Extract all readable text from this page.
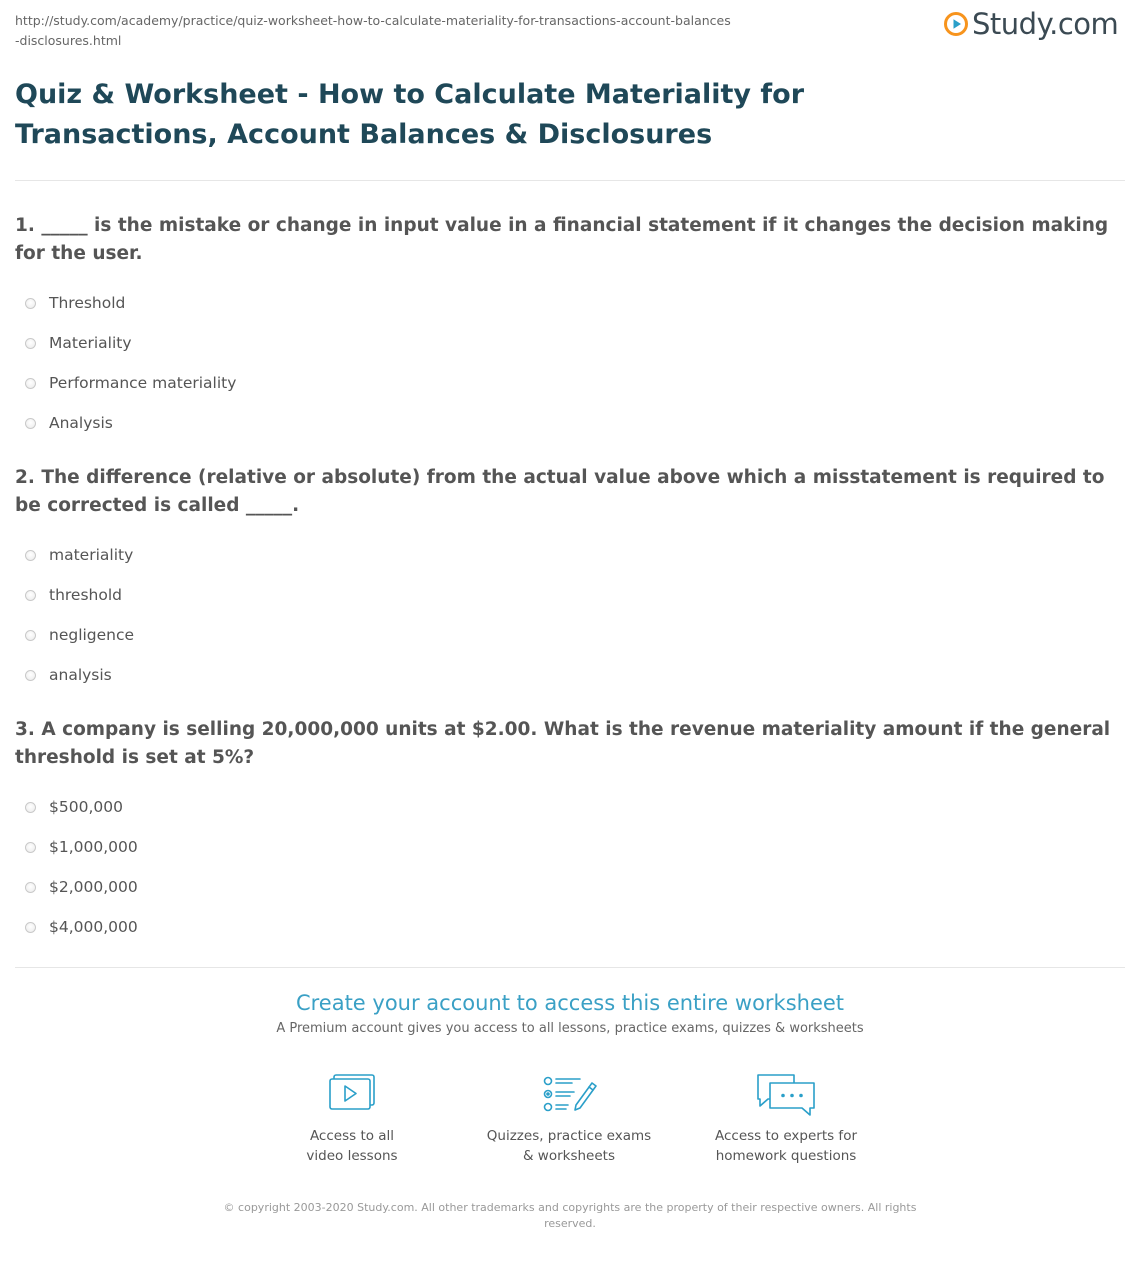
http://study.com/academy/practice/quiz-worksheet-how-to-calculate-materiality-for-transactions-account-balances-disclosures.html	Study.com
Quiz & Worksheet - How to Calculate Materiality for Transactions, Account Balances & Disclosures

1. _____ is the mistake or change in input value in a financial statement if it changes the decision making for the user.

Threshold
Materiality
Performance materiality
Analysis

2. The difference (relative or absolute) from the actual value above which a misstatement is required to be corrected is called _____.

materiality
threshold
negligence
analysis

3. A company is selling 20,000,000 units at $2.00. What is the revenue materiality amount if the general threshold is set at 5%?

$500,000
$1,000,000
$2,000,000
$4,000,000
Create your account to access this entire worksheet
A Premium account gives you access to all lessons, practice exams, quizzes & worksheets
Access to all
video lessons
Quizzes, practice exams
& worksheets
Access to experts for
homework questions
© copyright 2003-2020 Study.com. All other trademarks and copyrights are the property of their respective owners. All rights reserved.
